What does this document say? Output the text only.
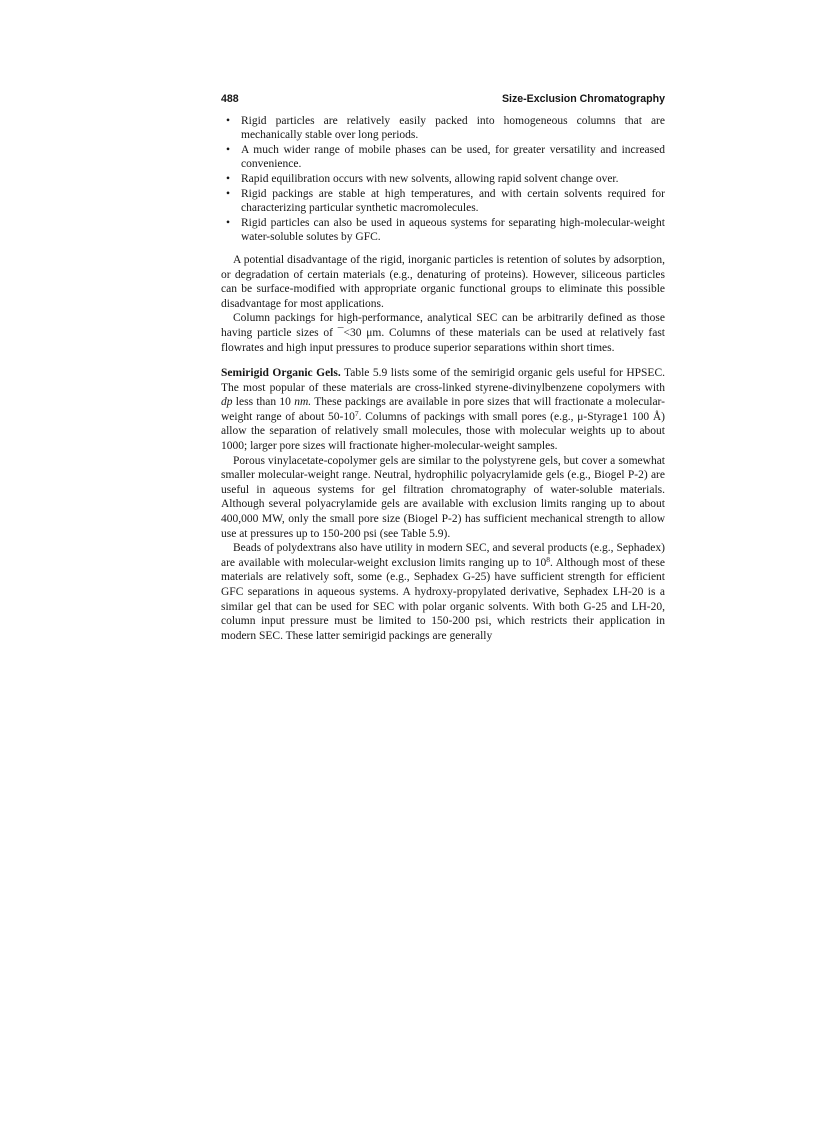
488	Size-Exclusion Chromatography
• Rigid particles are relatively easily packed into homogeneous columns that are mechanically stable over long periods.
• A much wider range of mobile phases can be used, for greater versatility and increased convenience.
• Rapid equilibration occurs with new solvents, allowing rapid solvent change over.
• Rigid packings are stable at high temperatures, and with certain solvents required for characterizing particular synthetic macromolecules.
• Rigid particles can also be used in aqueous systems for separating high-molecular-weight water-soluble solutes by GFC.

A potential disadvantage of the rigid, inorganic particles is retention of solutes by adsorption, or degradation of certain materials (e.g., denaturing of proteins). However, siliceous particles can be surface-modified with appropriate organic functional groups to eliminate this possible disadvantage for most applications.

Column packings for high-performance, analytical SEC can be arbitrarily defined as those having particle sizes of ¯<30 μm. Columns of these materials can be used at relatively fast flowrates and high input pressures to produce superior separations within short times.

Semirigid Organic Gels. Table 5.9 lists some of the semirigid organic gels useful for HPSEC. The most popular of these materials are cross-linked styrene-divinylbenzene copolymers with dp less than 10 nm. These packings are available in pore sizes that will fractionate a molecular-weight range of about $50-10^7$. Columns of packings with small pores (e.g., μ-Styrage1 100 Å) allow the separation of relatively small molecules, those with molecular weights up to about 1000; larger pore sizes will fractionate higher-molecular-weight samples.

Porous vinylacetate-copolymer gels are similar to the polystyrene gels, but cover a somewhat smaller molecular-weight range. Neutral, hydrophilic polyacrylamide gels (e.g., Biogel P-2) are useful in aqueous systems for gel filtration chromatography of water-soluble materials. Although several polyacrylamide gels are available with exclusion limits ranging up to about 400,000 MW, only the small pore size (Biogel P-2) has sufficient mechanical strength to allow use at pressures up to 150-200 psi (see Table 5.9).

Beads of polydextrans also have utility in modern SEC, and several products (e.g., Sephadex) are available with molecular-weight exclusion limits ranging up to $10^8$. Although most of these materials are relatively soft, some (e.g., Sephadex G-25) have sufficient strength for efficient GFC separations in aqueous systems. A hydroxy-propylated derivative, Sephadex LH-20 is a similar gel that can be used for SEC with polar organic solvents. With both G-25 and LH-20, column input pressure must be limited to 150-200 psi, which restricts their application in modern SEC. These latter semirigid packings are generally
